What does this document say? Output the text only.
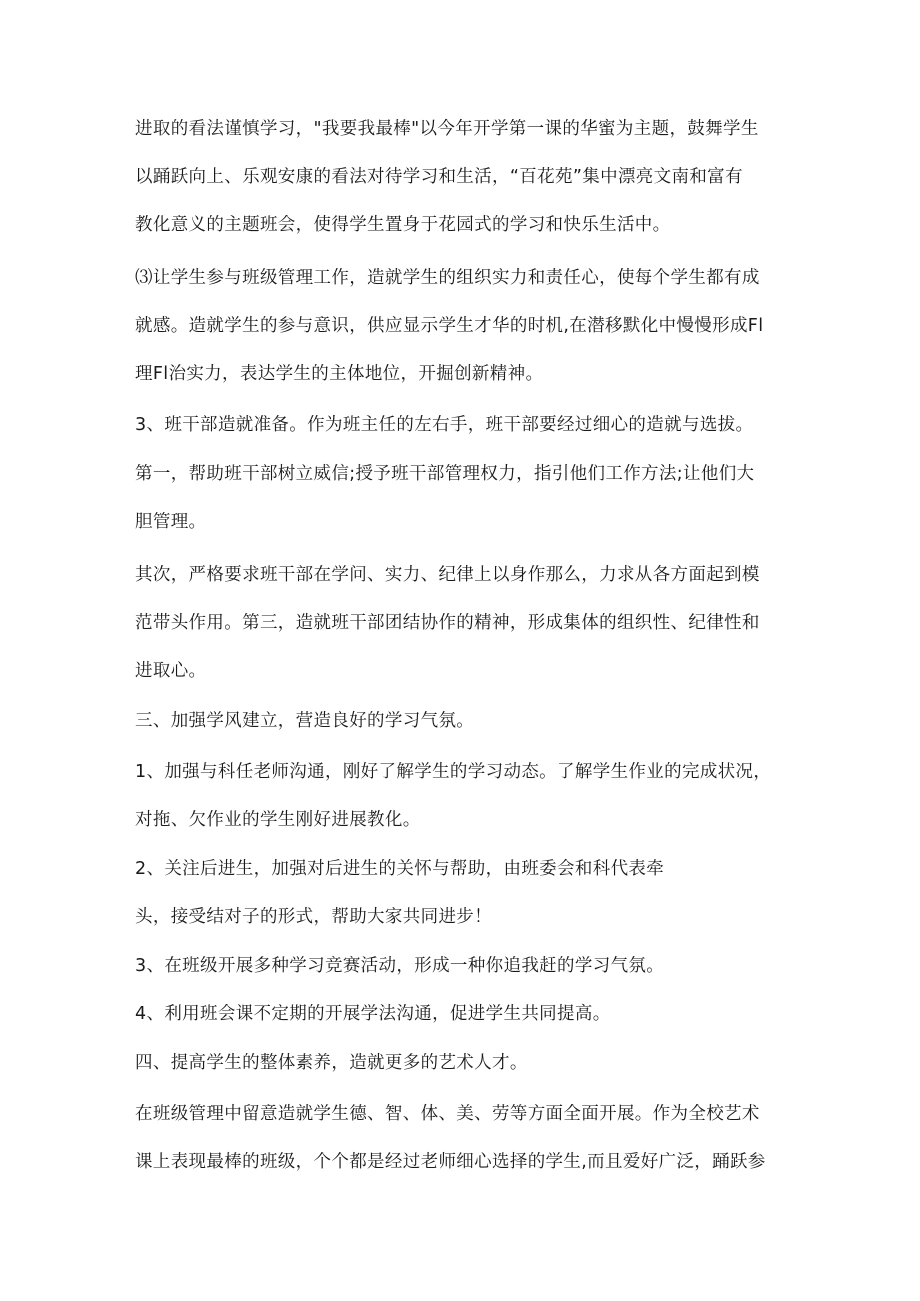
进取的看法谨慎学习，"我要我最棒"以今年开学第一课的华蜜为主题，鼓舞学生
以踊跃向上、乐观安康的看法对待学习和生活，“百花苑”集中漂亮文南和富有
教化意义的主题班会，使得学生置身于花园式的学习和快乐生活中。
⑶让学生参与班级管理工作，造就学生的组织实力和责任心，使每个学生都有成
就感。造就学生的参与意识，供应显示学生才华的时机,在潜移默化中慢慢形成Fl
理Fl治实力，表达学生的主体地位，开掘创新精神。
3、班干部造就准备。作为班主任的左右手，班干部要经过细心的造就与选拔。
第一，帮助班干部树立威信;授予班干部管理权力，指引他们工作方法;让他们大
胆管理。
其次，严格要求班干部在学问、实力、纪律上以身作那么，力求从各方面起到模
范带头作用。第三，造就班干部团结协作的精神，形成集体的组织性、纪律性和
进取心。
三、加强学风建立，营造良好的学习气氛。
1、加强与科任老师沟通，刚好了解学生的学习动态。了解学生作业的完成状况，
对拖、欠作业的学生刚好进展教化。
2、关注后进生，加强对后进生的关怀与帮助，由班委会和科代表牵
头，接受结对子的形式，帮助大家共同进步！
3、在班级开展多种学习竞赛活动，形成一种你追我赶的学习气氛。
4、利用班会课不定期的开展学法沟通，促进学生共同提高。
四、提高学生的整体素养，造就更多的艺术人才。
在班级管理中留意造就学生德、智、体、美、劳等方面全面开展。作为全校艺术
课上表现最棒的班级，个个都是经过老师细心选择的学生,而且爱好广泛，踊跃参
